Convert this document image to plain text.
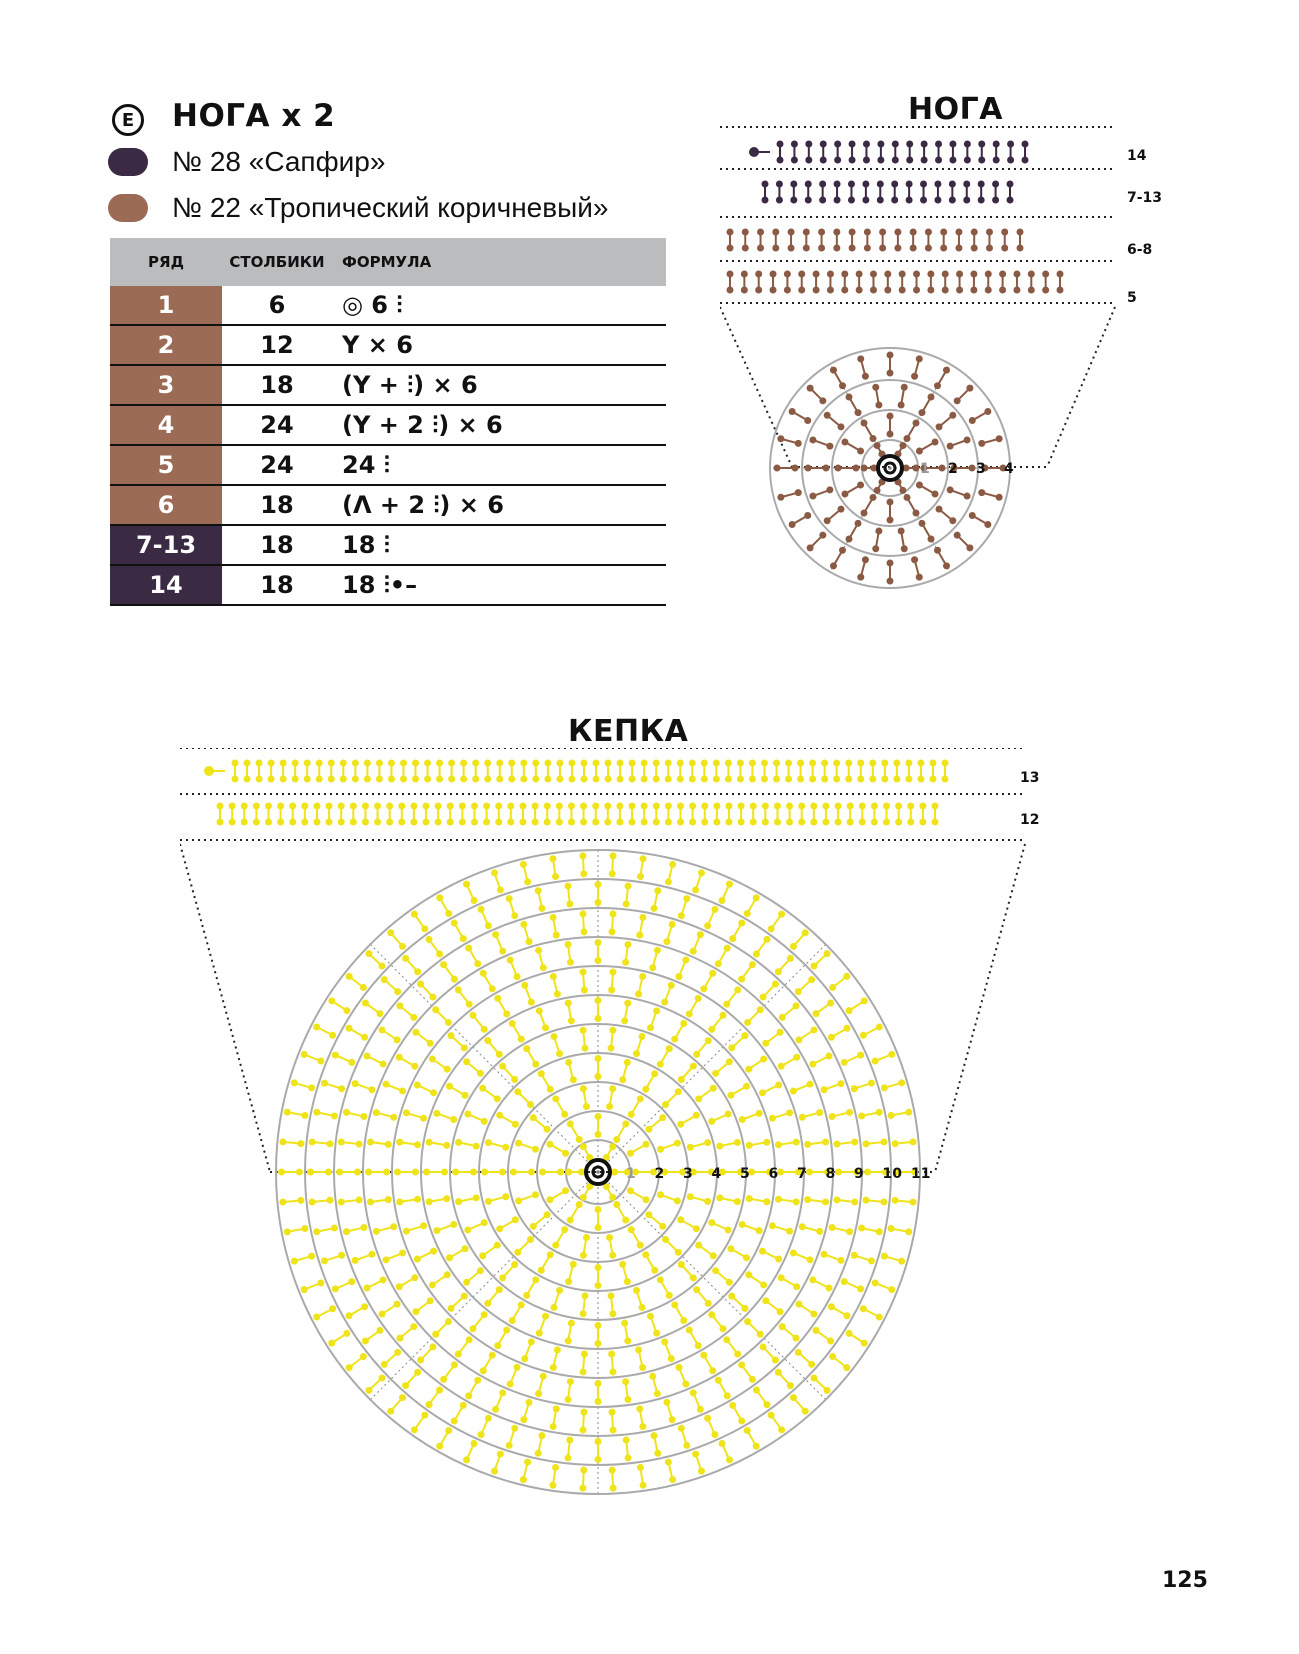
E НОГА х 2
№ 28 «Сапфир»
№ 22 «Тропический коричневый»
РЯД	СТОЛБИКИ	ФОРМУЛА
1	6	◎ 6 ⫶
2	12	Y × 6
3	18	(Y + ⫶) × 6
4	24	(Y + 2 ⫶) × 6
5	24	24 ⫶
6	18	(Λ + 2 ⫶) × 6
7-13	18	18 ⫶
14	18	18 ⫶•–
НОГА
1 2 3 4
14
7-13
6-8
5
КЕПКА
1 2 3 4 5 6 7 8 9 10 11
13
12
125
